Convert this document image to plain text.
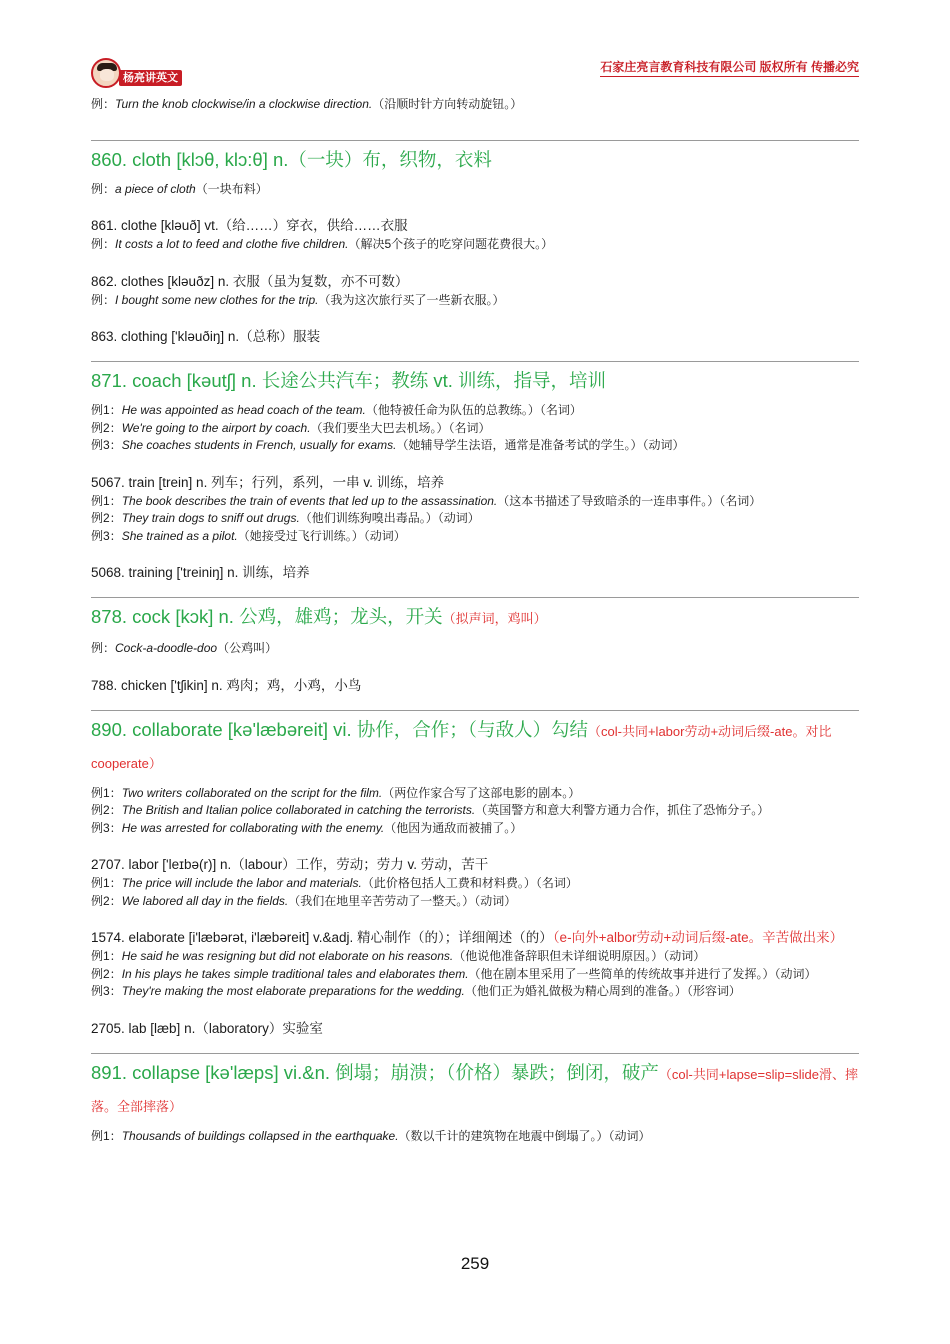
杨亮讲英文
石家庄亮言教育科技有限公司 版权所有 传播必究
例：Turn the knob clockwise/in a clockwise direction.（沿顺时针方向转动旋钮。）
860. cloth [klɔθ, klɔ:θ] n.（一块）布，织物，衣料
例：a piece of cloth（一块布料）
861. clothe [kləuð] vt.（给……）穿衣，供给……衣服
例：It costs a lot to feed and clothe five children.（解决5个孩子的吃穿问题花费很大。）
862. clothes [kləuðz] n. 衣服（虽为复数，亦不可数）
例：I bought some new clothes for the trip.（我为这次旅行买了一些新衣服。）
863. clothing ['kləuðiŋ] n.（总称）服装
871. coach [kəutʃ] n. 长途公共汽车；教练 vt. 训练，指导，培训
例1：He was appointed as head coach of the team.（他特被任命为队伍的总教练。）（名词）
例2：We're going to the airport by coach.（我们要坐大巴去机场。）（名词）
例3：She coaches students in French, usually for exams.（她辅导学生法语，通常是准备考试的学生。）（动词）
5067. train [trein] n. 列车；行列，系列，一串 v. 训练，培养
例1：The book describes the train of events that led up to the assassination.（这本书描述了导致暗杀的一连串事件。）（名词）
例2：They train dogs to sniff out drugs.（他们训练狗嗅出毒品。）（动词）
例3：She trained as a pilot.（她接受过飞行训练。）（动词）
5068. training ['treiniŋ] n. 训练，培养
878. cock [kɔk] n. 公鸡，雄鸡；龙头，开关（拟声词，鸡叫）
例：Cock-a-doodle-doo（公鸡叫）
788. chicken ['tʃikin] n. 鸡肉；鸡，小鸡，小鸟
890. collaborate [kə'læbəreit] vi. 协作，合作；（与敌人）勾结（col-共同+labor劳动+动词后缀-ate。对比cooperate）
例1：Two writers collaborated on the script for the film.（两位作家合写了这部电影的剧本。）
例2：The British and Italian police collaborated in catching the terrorists.（英国警方和意大利警方通力合作，抓住了恐怖分子。）
例3：He was arrested for collaborating with the enemy.（他因为通敌而被捕了。）
2707. labor ['leɪbə(r)] n.（labour）工作，劳动；劳力 v. 劳动，苦干
例1：The price will include the labor and materials.（此价格包括人工费和材料费。）（名词）
例2：We labored all day in the fields.（我们在地里辛苦劳动了一整天。）（动词）
1574. elaborate [i'læbərət, i'læbəreit] v.&adj. 精心制作（的）；详细阐述（的）（e-向外+albor劳动+动词后缀-ate。辛苦做出来）
例1：He said he was resigning but did not elaborate on his reasons.（他说他准备辞职但未详细说明原因。）（动词）
例2：In his plays he takes simple traditional tales and elaborates them.（他在剧本里采用了一些简单的传统故事并进行了发挥。）（动词）
例3：They're making the most elaborate preparations for the wedding.（他们正为婚礼做极为精心周到的准备。）（形容词）
2705. lab [læb] n.（laboratory）实验室
891. collapse [kə'læps] vi.&n. 倒塌；崩溃；（价格）暴跌；倒闭，破产（col-共同+lapse=slip=slide滑、摔落。全部摔落）
例1：Thousands of buildings collapsed in the earthquake.（数以千计的建筑物在地震中倒塌了。）（动词）
259
